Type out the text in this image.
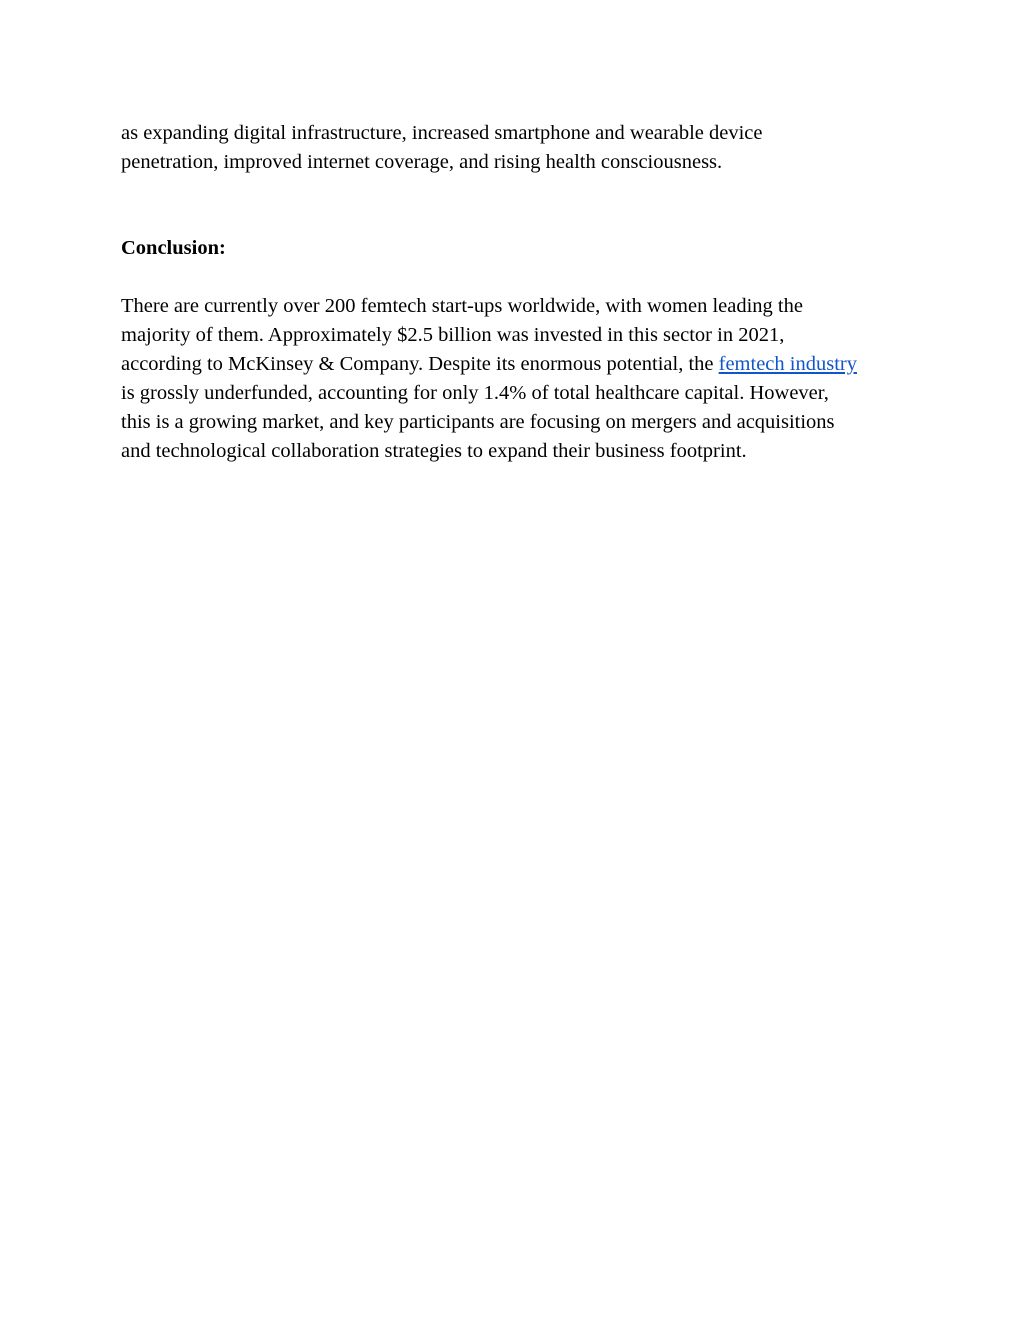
as expanding digital infrastructure, increased smartphone and wearable device
penetration, improved internet coverage, and rising health consciousness.
Conclusion:
There are currently over 200 femtech start-ups worldwide, with women leading the
majority of them. Approximately $2.5 billion was invested in this sector in 2021,
according to McKinsey & Company. Despite its enormous potential, the femtech industry
is grossly underfunded, accounting for only 1.4% of total healthcare capital. However,
this is a growing market, and key participants are focusing on mergers and acquisitions
and technological collaboration strategies to expand their business footprint.
